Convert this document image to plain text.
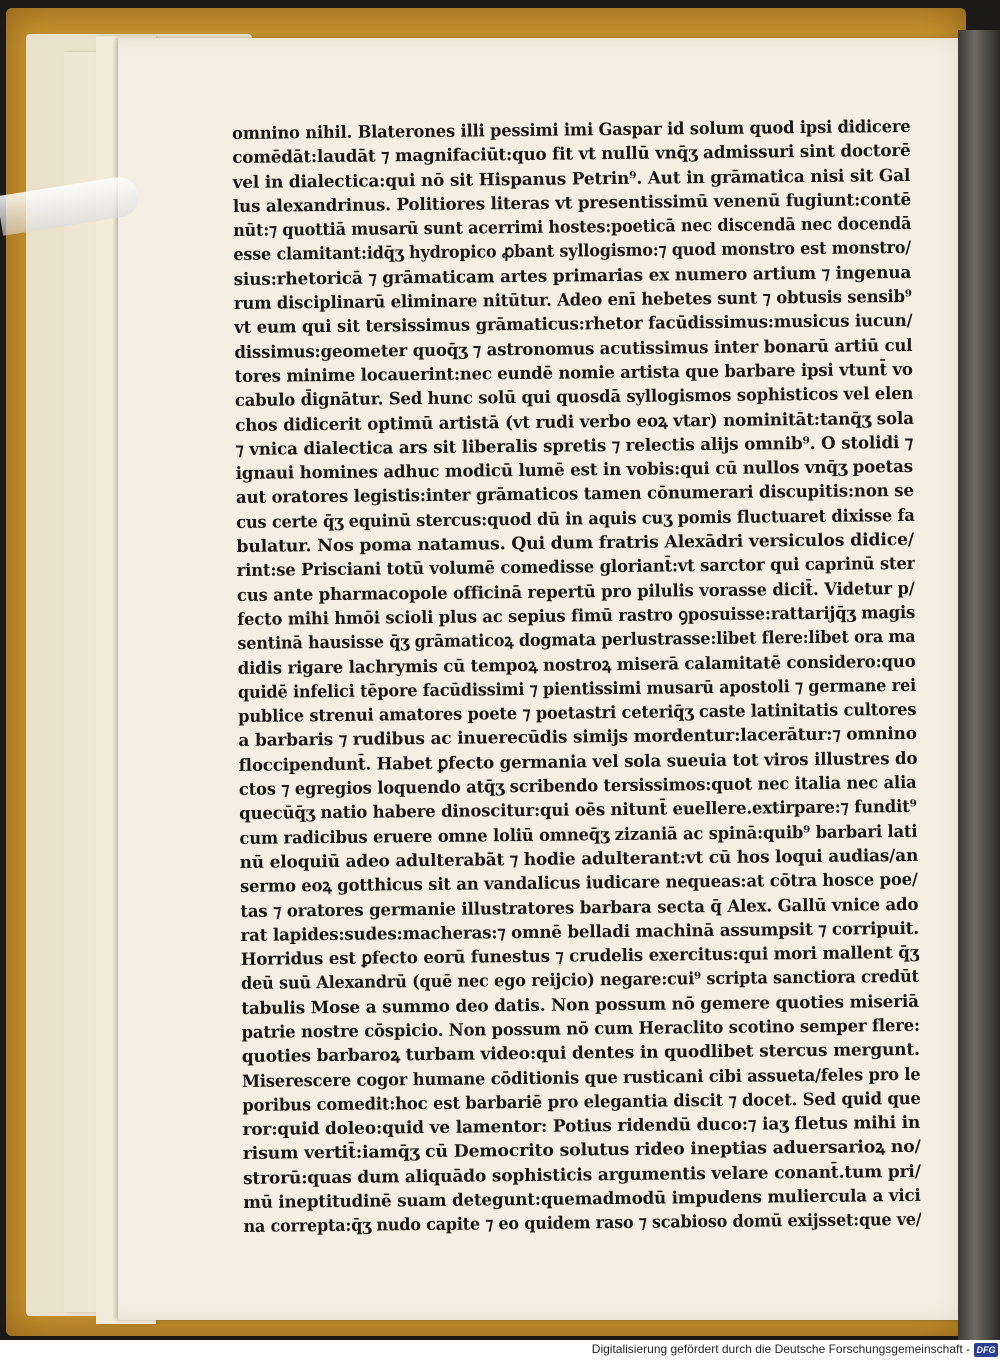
omnino nihil. Blaterones illi pessimi imi Gaspar id solum quod ipsi didicere
comēdāt:laudāt ⁊ magnifaciūt:quo fit vt nullū vnq̄ʒ admissuri sint doctorē
vel in dialectica:qui nō sit Hispanus Petrin⁹. Aut in grāmatica nisi sit Gal
lus alexandrinus. Politiores literas vt presentissimū venenū fugiunt:contē
nūt:⁊ quottiā musarū sunt acerrimi hostes:poeticā nec discendā nec docendā
esse clamitant:idq̄ʒ hydropico ꝓbant syllogismo:⁊ quod monstro est monstro/
sius:rhetoricā ⁊ grāmaticam artes primarias ex numero artium ⁊ ingenua
rum disciplinarū eliminare nitūtur. Adeo enī hebetes sunt ⁊ obtusis sensib⁹
vt eum qui sit tersissimus grāmaticus:rhetor facūdissimus:musicus iucun/
dissimus:geometer quoq̄ʒ ⁊ astronomus acutissimus inter bonarū artiū cul
tores minime locauerint:nec eundē nomie artista que barbare ipsi vtunt̄ vo
cabulo d̄ignātur. Sed hunc solū qui quosdā syllogismos sophisticos vel elen
chos didicerit optimū artistā (vt rudi verbo eoꝝ vtar) nominitāt:tanq̄ʒ sola
⁊ vnica dialectica ars sit liberalis spretis ⁊ relectis alijs omnib⁹. O stolidi ⁊
ignaui homines adhuc modicū lumē est in vobis:qui cū nullos vnq̄ʒ poetas
aut oratores legistis:inter grāmaticos tamen cōnumerari discupitis:non se
cus certe q̄ʒ equinū stercus:quod dū in aquis cuʒ pomis fluctuaret dixisse fa
bulatur. Nos poma natamus. Qui dum fratris Alexādri versiculos didice/
rint:se Prisciani totū volumē comedisse gloriant̄:vt sarctor qui caprinū ster
cus ante pharmacopole officinā repertū pro pilulis vorasse dicit̄. Videtur p/
fecto mihi hmōi scioli plus ac sepius fimū rastro ꝯposuisse:rattarijq̄ʒ magis
sentinā hausisse q̄ʒ grāmaticoꝝ dogmata perlustrasse:libet flere:libet ora ma
didis rigare lachrymis cū tempoꝝ nostroꝝ miserā calamitatē considero:quo
quidē infelici tēpore facūdissimi ⁊ pientissimi musarū apostoli ⁊ germane rei
publice strenui amatores poete ⁊ poetastri ceteriq̄ʒ caste latinitatis cultores
a barbaris ⁊ rudibus ac inuerecūdis simijs mordentur:lacerātur:⁊ omnino
floccipendunt̄. Habet ꝑfecto germania vel sola sueuia tot viros illustres do
ctos ⁊ egregios loquendo atq̄ʒ scribendo tersissimos:quot nec italia nec alia
quecūq̄ʒ natio habere dinoscitur:qui oēs nitunt̄ euellere.extirpare:⁊ fundit⁹
cum radicibus eruere omne loliū omneq̄ʒ zizaniā ac spinā:quib⁹ barbari lati
nū eloquiū adeo adulterabāt ⁊ hodie adulterant:vt cū hos loqui audias/an
sermo eoꝝ gotthicus sit an vandalicus iudicare nequeas:at cōtra hosce poe/
tas ⁊ oratores germanie illustratores barbara secta q̄ Alex. Gallū vnice ado
rat lapides:sudes:macheras:⁊ omnē belladi machinā assumpsit ⁊ corripuit.
Horridus est ꝑfecto eorū funestus ⁊ crudelis exercitus:qui mori mallent q̄ʒ
deū suū Alexandrū (quē nec ego reijcio) negare:cui⁹ scripta sanctiora credūt
tabulis Mose a summo deo datis. Non possum nō gemere quoties miseriā
patrie nostre cōspicio. Non possum nō cum Heraclito scotino semper flere:
quoties barbaroꝝ turbam video:qui dentes in quodlibet stercus mergunt.
Miserescere cogor humane cōditionis que rusticani cibi assueta/feles pro le
poribus comedit:hoc est barbariē pro elegantia discit ⁊ docet. Sed quid que
ror:quid doleo:quid ve lamentor: Potius ridendū duco:⁊ iaʒ fletus mihi in
risum vertit̄:iamq̄ʒ cū Democrito solutus rideo ineptias aduersarioꝝ no/
strorū:quas dum aliquādo sophisticis argumentis velare conant̄.tum pri/
mū ineptitudinē suam detegunt:quemadmodū impudens muliercula a vici
na correpta:q̄ʒ nudo capite ⁊ eo quidem raso ⁊ scabioso domū exijsset:que ve/
Digitalisierung gefördert durch die Deutsche Forschungsgemeinschaft - DFG
